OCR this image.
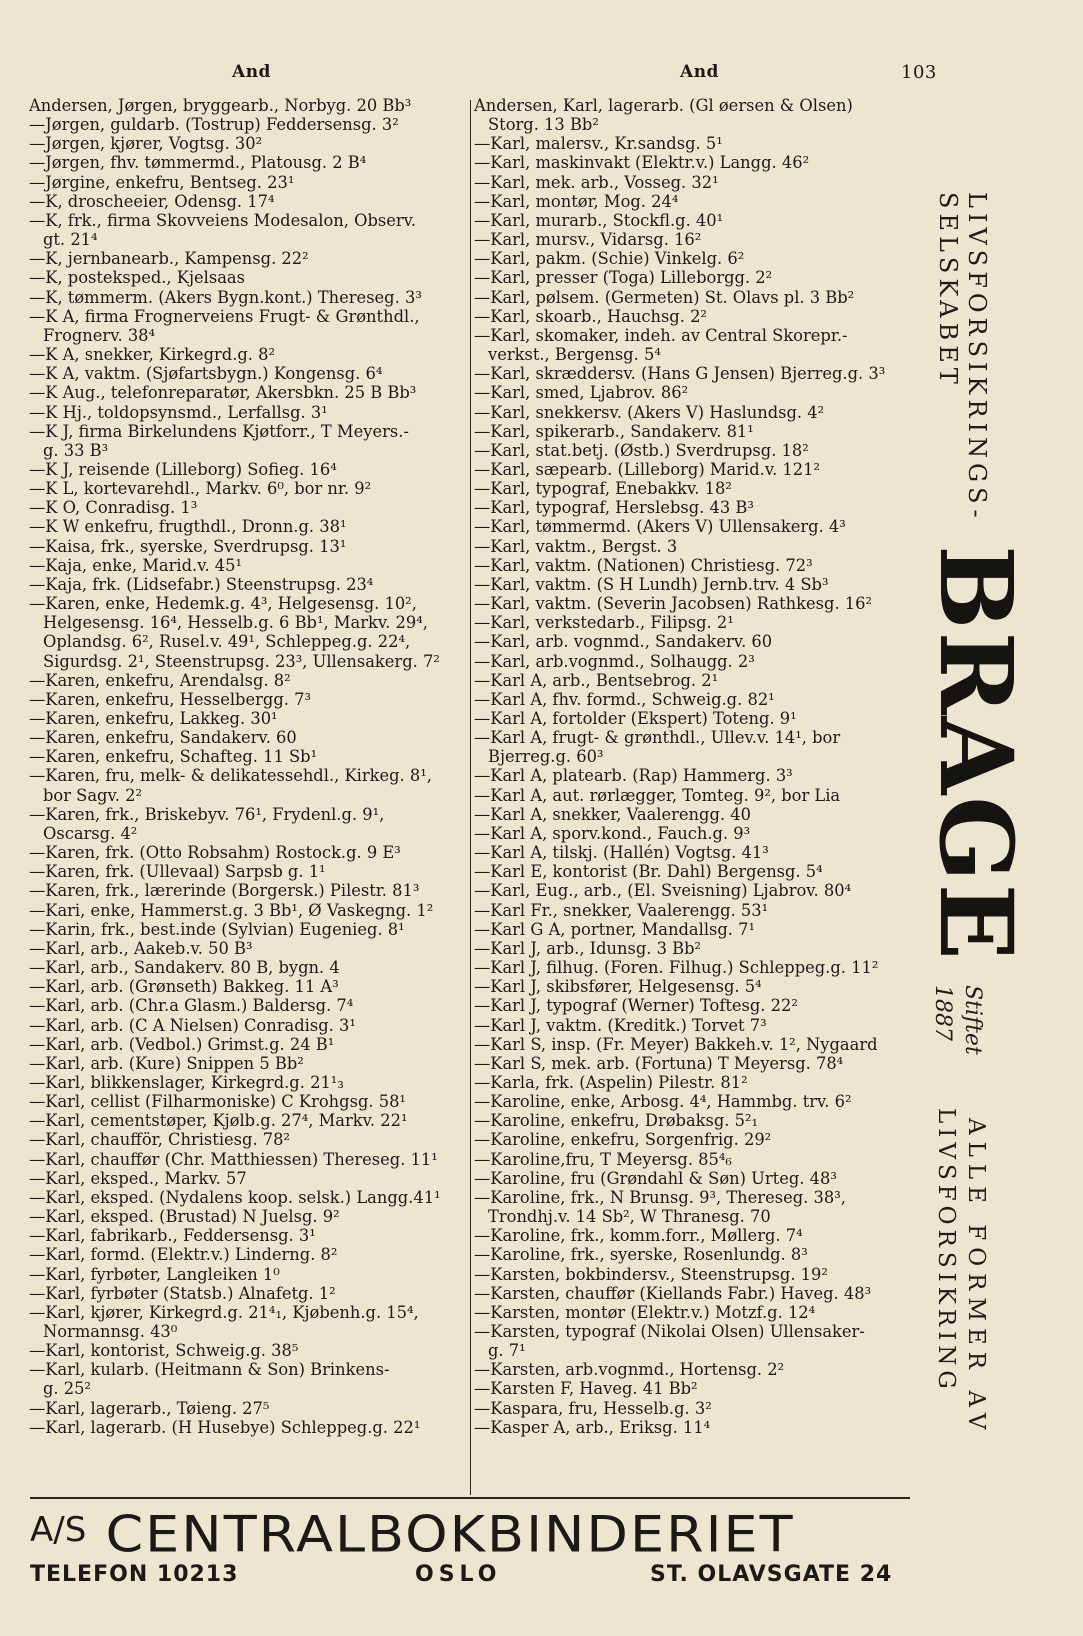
And	And	103
Andersen, Jørgen, bryggearb., Norbyg. 20 Bb³
—Jørgen, guldarb. (Tostrup) Feddersensg. 3²
—Jørgen, kjører, Vogtsg. 30²
—Jørgen, fhv. tømmermd., Platousg. 2 B⁴
—Jørgine, enkefru, Bentseg. 23¹
—K, droscheeier, Odensg. 17⁴
—K, frk., firma Skovveiens Modesalon, Observ.
gt. 21⁴
—K, jernbanearb., Kampensg. 22²
—K, posteksped., Kjelsaas
—K, tømmerm. (Akers Bygn.kont.) Thereseg. 3³
—K A, firma Frognerveiens Frugt- & Grønthdl.,
Frognerv. 38⁴
—K A, snekker, Kirkegrd.g. 8²
—K A, vaktm. (Sjøfartsbygn.) Kongensg. 6⁴
—K Aug., telefonreparatør, Akersbkn. 25 B Bb³
—K Hj., toldopsynsmd., Lerfallsg. 3¹
—K J, firma Birkelundens Kjøtforr., T Meyers.-
g. 33 B³
—K J, reisende (Lilleborg) Sofieg. 16⁴
—K L, kortevarehdl., Markv. 6⁰, bor nr. 9²
—K O, Conradisg. 1³
—K W enkefru, frugthdl., Dronn.g. 38¹
—Kaisa, frk., syerske, Sverdrupsg. 13¹
—Kaja, enke, Marid.v. 45¹
—Kaja, frk. (Lidsefabr.) Steenstrupsg. 23⁴
—Karen, enke, Hedemk.g. 4³, Helgesensg. 10²,
Helgesensg. 16⁴, Hesselb.g. 6 Bb¹, Markv. 29⁴,
Oplandsg. 6², Rusel.v. 49¹, Schleppeg.g. 22⁴,
Sigurdsg. 2¹, Steenstrupsg. 23³, Ullensakerg. 7²
—Karen, enkefru, Arendalsg. 8²
—Karen, enkefru, Hesselbergg. 7³
—Karen, enkefru, Lakkeg. 30¹
—Karen, enkefru, Sandakerv. 60
—Karen, enkefru, Schafteg. 11 Sb¹
—Karen, fru, melk- & delikatessehdl., Kirkeg. 8¹,
bor Sagv. 2²
—Karen, frk., Briskebyv. 76¹, Frydenl.g. 9¹,
Oscarsg. 4²
—Karen, frk. (Otto Robsahm) Rostock.g. 9 E³
—Karen, frk. (Ullevaal) Sarpsb g. 1¹
—Karen, frk., lærerinde (Borgersk.) Pilestr. 81³
—Kari, enke, Hammerst.g. 3 Bb¹, Ø Vaskegng. 1²
—Karin, frk., best.inde (Sylvian) Eugenieg. 8¹
—Karl, arb., Aakeb.v. 50 B³
—Karl, arb., Sandakerv. 80 B, bygn. 4
—Karl, arb. (Grønseth) Bakkeg. 11 A³
—Karl, arb. (Chr.a Glasm.) Baldersg. 7⁴
—Karl, arb. (C A Nielsen) Conradisg. 3¹
—Karl, arb. (Vedbol.) Grimst.g. 24 B¹
—Karl, arb. (Kure) Snippen 5 Bb²
—Karl, blikkenslager, Kirkegrd.g. 21¹₃
—Karl, cellist (Filharmoniske) C Krohgsg. 58¹
—Karl, cementstøper, Kjølb.g. 27⁴, Markv. 22¹
—Karl, chaufför, Christiesg. 78²
—Karl, chauffør (Chr. Matthiessen) Thereseg. 11¹
—Karl, eksped., Markv. 57
—Karl, eksped. (Nydalens koop. selsk.) Langg.41¹
—Karl, eksped. (Brustad) N Juelsg. 9²
—Karl, fabrikarb., Feddersensg. 3¹
—Karl, formd. (Elektr.v.) Linderng. 8²
—Karl, fyrbøter, Langleiken 1⁰
—Karl, fyrbøter (Statsb.) Alnafetg. 1²
—Karl, kjører, Kirkegrd.g. 21⁴₁, Kjøbenh.g. 15⁴,
Normannsg. 43⁰
—Karl, kontorist, Schweig.g. 38⁵
—Karl, kularb. (Heitmann & Son) Brinkens-
g. 25²
—Karl, lagerarb., Tøieng. 27⁵
—Karl, lagerarb. (H Husebye) Schleppeg.g. 22¹
Andersen, Karl, lagerarb. (Gl øersen & Olsen)
Storg. 13 Bb²
—Karl, malersv., Kr.sandsg. 5¹
—Karl, maskinvakt (Elektr.v.) Langg. 46²
—Karl, mek. arb., Vosseg. 32¹
—Karl, montør, Mog. 24⁴
—Karl, murarb., Stockfl.g. 40¹
—Karl, mursv., Vidarsg. 16²
—Karl, pakm. (Schie) Vinkelg. 6²
—Karl, presser (Toga) Lilleborgg. 2²
—Karl, pølsem. (Germeten) St. Olavs pl. 3 Bb²
—Karl, skoarb., Hauchsg. 2²
—Karl, skomaker, indeh. av Central Skorepr.-
verkst., Bergensg. 5⁴
—Karl, skræddersv. (Hans G Jensen) Bjerreg.g. 3³
—Karl, smed, Ljabrov. 86²
—Karl, snekkersv. (Akers V) Haslundsg. 4²
—Karl, spikerarb., Sandakerv. 81¹
—Karl, stat.betj. (Østb.) Sverdrupsg. 18²
—Karl, sæpearb. (Lilleborg) Marid.v. 121²
—Karl, typograf, Enebakkv. 18²
—Karl, typograf, Herslebsg. 43 B³
—Karl, tømmermd. (Akers V) Ullensakerg. 4³
—Karl, vaktm., Bergst. 3
—Karl, vaktm. (Nationen) Christiesg. 72³
—Karl, vaktm. (S H Lundh) Jernb.trv. 4 Sb³
—Karl, vaktm. (Severin Jacobsen) Rathkesg. 16²
—Karl, verkstedarb., Filipsg. 2¹
—Karl, arb. vognmd., Sandakerv. 60
—Karl, arb.vognmd., Solhaugg. 2³
—Karl A, arb., Bentsebrog. 2¹
—Karl A, fhv. formd., Schweig.g. 82¹
—Karl A, fortolder (Ekspert) Toteng. 9¹
—Karl A, frugt- & grønthdl., Ullev.v. 14¹, bor
Bjerreg.g. 60³
—Karl A, platearb. (Rap) Hammerg. 3³
—Karl A, aut. rørlægger, Tomteg. 9², bor Lia
—Karl A, snekker, Vaalerengg. 40
—Karl A, sporv.kond., Fauch.g. 9³
—Karl A, tilskj. (Hallén) Vogtsg. 41³
—Karl E, kontorist (Br. Dahl) Bergensg. 5⁴
—Karl, Eug., arb., (El. Sveisning) Ljabrov. 80⁴
—Karl Fr., snekker, Vaalerengg. 53¹
—Karl G A, portner, Mandallsg. 7¹
—Karl J, arb., Idunsg. 3 Bb²
—Karl J, filhug. (Foren. Filhug.) Schleppeg.g. 11²
—Karl J, skibsfører, Helgesensg. 5⁴
—Karl J, typograf (Werner) Toftesg. 22²
—Karl J, vaktm. (Kreditk.) Torvet 7³
—Karl S, insp. (Fr. Meyer) Bakkeh.v. 1², Nygaard
—Karl S, mek. arb. (Fortuna) T Meyersg. 78⁴
—Karla, frk. (Aspelin) Pilestr. 81²
—Karoline, enke, Arbosg. 4⁴, Hammbg. trv. 6²
—Karoline, enkefru, Drøbaksg. 5²₁
—Karoline, enkefru, Sorgenfrig. 29²
—Karoline,fru, T Meyersg. 85⁴₆
—Karoline, fru (Grøndahl & Søn) Urteg. 48³
—Karoline, frk., N Brunsg. 9³, Thereseg. 38³,
Trondhj.v. 14 Sb², W Thranesg. 70
—Karoline, frk., komm.forr., Møllerg. 7⁴
—Karoline, frk., syerske, Rosenlundg. 8³
—Karsten, bokbindersv., Steenstrupsg. 19²
—Karsten, chauffør (Kiellands Fabr.) Haveg. 48³
—Karsten, montør (Elektr.v.) Motzf.g. 12⁴
—Karsten, typograf (Nikolai Olsen) Ullensaker-
g. 7¹
—Karsten, arb.vognmd., Hortensg. 2²
—Karsten F, Haveg. 41 Bb²
—Kaspara, fru, Hesselb.g. 3²
—Kasper A, arb., Eriksg. 11⁴
LIVSFORSIKRINGS-
SELSKABET
BRAGE
Stiftet
1887
ALLE FORMER AV
LIVSFORSIKRING
$^{A/S}$ CENTRALBOKBINDERIET
TELEFON 10213	OSLO	ST. OLAVSGATE 24
